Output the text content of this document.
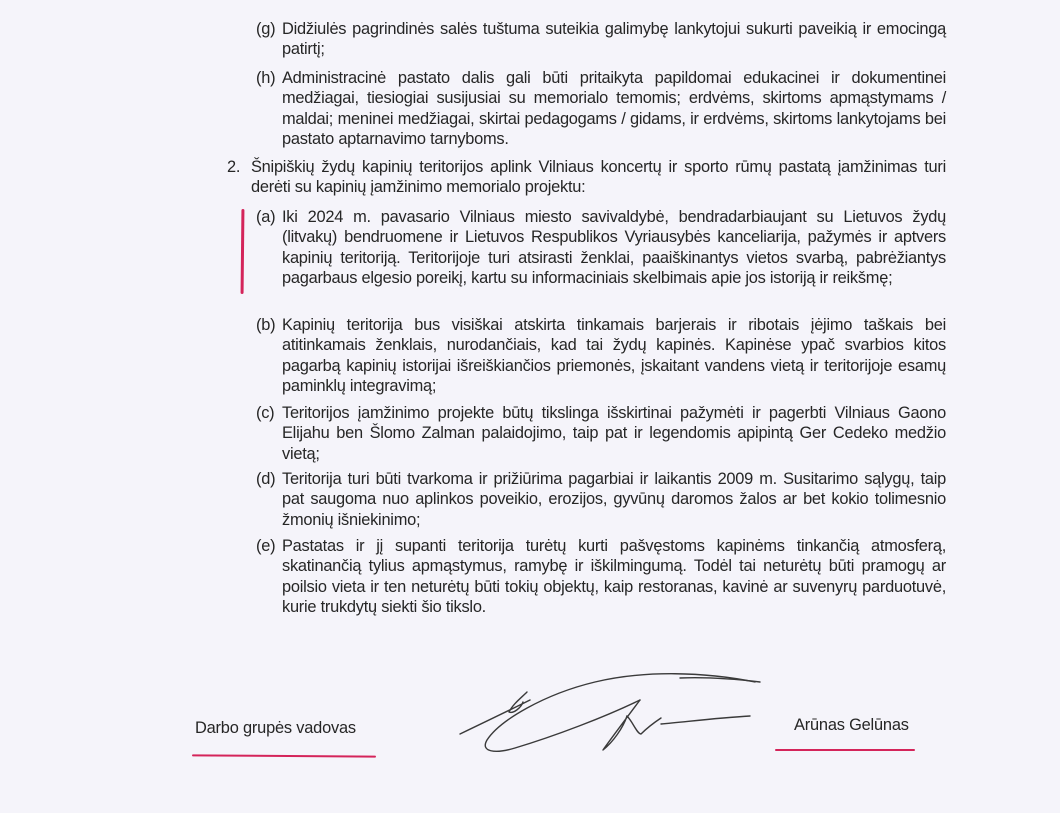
(g) Didžiulės pagrindinės salės tuštuma suteikia galimybę lankytojui sukurti paveikią ir emocingą patirtį;
(h) Administracinė pastato dalis gali būti pritaikyta papildomai edukacinei ir dokumentinei medžiagai, tiesiogiai susijusiai su memorialo temomis; erdvėms, skirtoms apmąstymams / maldai; meninei medžiagai, skirtai pedagogams / gidams, ir erdvėms, skirtoms lankytojams bei pastato aptarnavimo tarnyboms.
2. Šnipiškių žydų kapinių teritorijos aplink Vilniaus koncertų ir sporto rūmų pastatą įamžinimas turi derėti su kapinių įamžinimo memorialo projektu:
(a) Iki 2024 m. pavasario Vilniaus miesto savivaldybė, bendradarbiaujant su Lietuvos žydų (litvakų) bendruomene ir Lietuvos Respublikos Vyriausybės kanceliarija, pažymės ir aptvers kapinių teritoriją. Teritorijoje turi atsirasti ženklai, paaiškinantys vietos svarbą, pabrėžiantys pagarbaus elgesio poreikį, kartu su informaciniais skelbimais apie jos istoriją ir reikšmę;
(b) Kapinių teritorija bus visiškai atskirta tinkamais barjerais ir ribotais įėjimo taškais bei atitinkamais ženklais, nurodančiais, kad tai žydų kapinės. Kapinėse ypač svarbios kitos pagarbą kapinių istorijai išreiškiančios priemonės, įskaitant vandens vietą ir teritorijoje esamų paminklų integravimą;
(c) Teritorijos įamžinimo projekte būtų tikslinga išskirtinai pažymėti ir pagerbti Vilniaus Gaono Elijahu ben Šlomo Zalman palaidojimo, taip pat ir legendomis apipintą Ger Cedeko medžio vietą;
(d) Teritorija turi būti tvarkoma ir prižiūrima pagarbiai ir laikantis 2009 m. Susitarimo sąlygų, taip pat saugoma nuo aplinkos poveikio, erozijos, gyvūnų daromos žalos ar bet kokio tolimesnio žmonių išniekinimo;
(e) Pastatas ir jį supanti teritorija turėtų kurti pašvęstoms kapinėms tinkančią atmosferą, skatinančią tylius apmąstymus, ramybę ir iškilmingumą. Todėl tai neturėtų būti pramogų ar poilsio vieta ir ten neturėtų būti tokių objektų, kaip restoranas, kavinė ar suvenyrų parduotuvė, kurie trukdytų siekti šio tikslo.
Darbo grupės vadovas	Arūnas Gelūnas
